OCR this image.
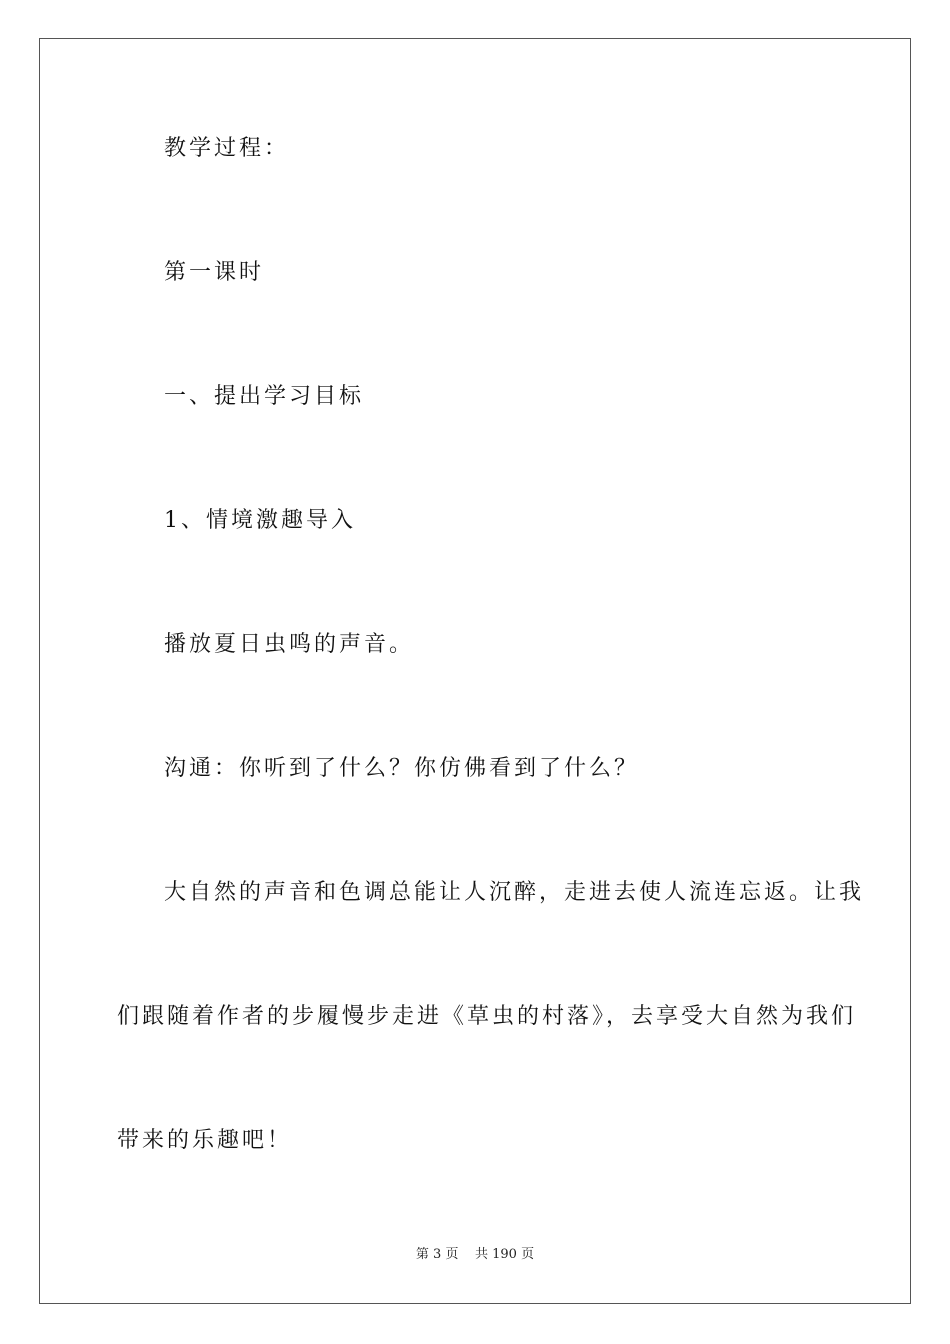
教学过程：
第一课时
一、提出学习目标
1、情境激趣导入
播放夏日虫鸣的声音。
沟通：你听到了什么？你仿佛看到了什么？
大自然的声音和色调总能让人沉醉，走进去使人流连忘返。让我
们跟随着作者的步履慢步走进《草虫的村落》，去享受大自然为我们
带来的乐趣吧！
第 3 页 共 190 页
